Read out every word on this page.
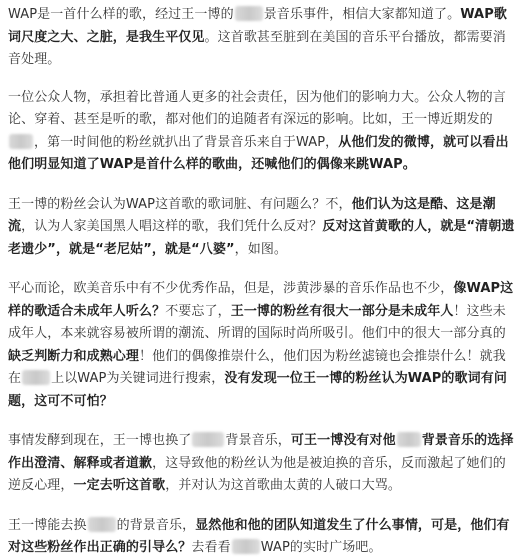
WAP是一首什么样的歌，经过王一博的 景音乐事件，相信大家都知道了。WAP歌词尺度之大、之脏，是我生平仅见。这首歌甚至脏到在美国的音乐平台播放，都需要消音处理。

一位公众人物，承担着比普通人更多的社会责任，因为他们的影响力大。公众人物的言论、穿着、甚至是听的歌，都对他们的追随者有深远的影响。比如，王一博近期发的，第一时间他的粉丝就扒出了背景音乐来自于WAP，从他们发的微博，就可以看出他们明显知道了WAP是首什么样的歌曲，还喊他们的偶像来跳WAP。

王一博的粉丝会认为WAP这首歌的歌词脏、有问题么？不，他们认为这是酷、这是潮流，认为人家美国黑人唱这样的歌，我们凭什么反对？反对这首黄歌的人，就是“清朝遗老遗少”，就是“老尼姑”，就是“八婆”，如图。

平心而论，欧美音乐中有不少优秀作品，但是，涉黄涉暴的音乐作品也不少，像WAP这样的歌适合未成年人听么？不要忘了，王一博的粉丝有很大一部分是未成年人！这些未成年人，本来就容易被所谓的潮流、所谓的国际时尚所吸引。他们中的很大一部分真的缺乏判断力和成熟心理！他们的偶像推崇什么，他们因为粉丝滤镜也会推崇什么！就我在 上以WAP为关键词进行搜索，没有发现一位王一博的粉丝认为WAP的歌词有问题，这可不可怕？

事情发酵到现在，王一博也换了	背景音乐，可王一博没有对他 背景音乐的选择作出澄清、解释或者道歉，这导致他的粉丝认为他是被迫换的音乐，反而激起了她们的逆反心理，一定去听这首歌，并对认为这首歌曲太黄的人破口大骂。

王一博能去换 的背景音乐，显然他和他的团队知道发生了什么事情，可是，他们有对这些粉丝作出正确的引导么？去看看 WAP的实时广场吧。
